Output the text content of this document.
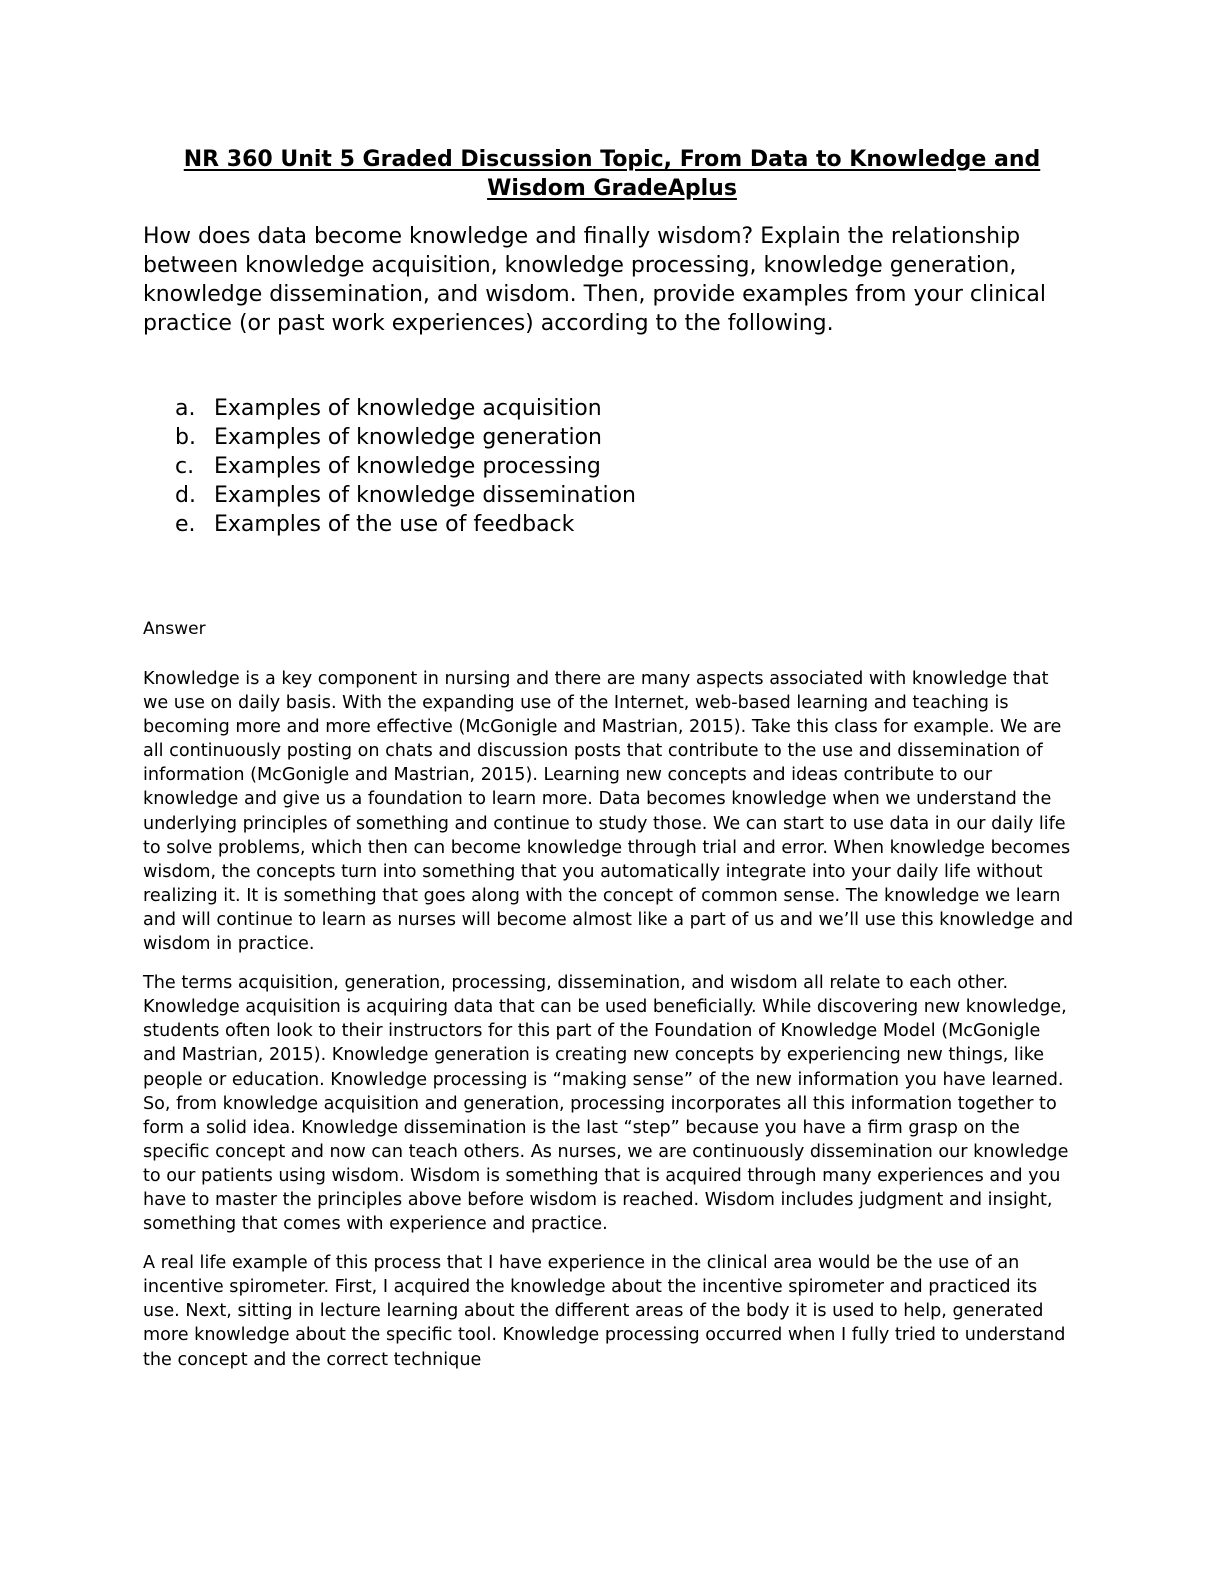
NR 360 Unit 5 Graded Discussion Topic, From Data to Knowledge and
Wisdom GradeAplus

How does data become knowledge and finally wisdom? Explain the relationship between knowledge acquisition, knowledge processing, knowledge generation, knowledge dissemination, and wisdom. Then, provide examples from your clinical practice (or past work experiences) according to the following.

a. Examples of knowledge acquisition
b. Examples of knowledge generation
c. Examples of knowledge processing
d. Examples of knowledge dissemination
e. Examples of the use of feedback
Answer

Knowledge is a key component in nursing and there are many aspects associated with knowledge that we use on daily basis. With the expanding use of the Internet, web-based learning and teaching is becoming more and more effective (McGonigle and Mastrian, 2015). Take this class for example. We are all continuously posting on chats and discussion posts that contribute to the use and dissemination of information (McGonigle and Mastrian, 2015). Learning new concepts and ideas contribute to our knowledge and give us a foundation to learn more. Data becomes knowledge when we understand the underlying principles of something and continue to study those. We can start to use data in our daily life to solve problems, which then can become knowledge through trial and error. When knowledge becomes wisdom, the concepts turn into something that you automatically integrate into your daily life without realizing it. It is something that goes along with the concept of common sense. The knowledge we learn and will continue to learn as nurses will become almost like a part of us and we’ll use this knowledge and wisdom in practice.

The terms acquisition, generation, processing, dissemination, and wisdom all relate to each other. Knowledge acquisition is acquiring data that can be used beneficially. While discovering new knowledge, students often look to their instructors for this part of the Foundation of Knowledge Model (McGonigle and Mastrian, 2015). Knowledge generation is creating new concepts by experiencing new things, like people or education. Knowledge processing is “making sense” of the new information you have learned. So, from knowledge acquisition and generation, processing incorporates all this information together to form a solid idea. Knowledge dissemination is the last “step” because you have a firm grasp on the specific concept and now can teach others. As nurses, we are continuously dissemination our knowledge to our patients using wisdom. Wisdom is something that is acquired through many experiences and you have to master the principles above before wisdom is reached. Wisdom includes judgment and insight, something that comes with experience and practice.

A real life example of this process that I have experience in the clinical area would be the use of an incentive spirometer. First, I acquired the knowledge about the incentive spirometer and practiced its use. Next, sitting in lecture learning about the different areas of the body it is used to help, generated more knowledge about the specific tool. Knowledge processing occurred when I fully tried to understand the concept and the correct technique
